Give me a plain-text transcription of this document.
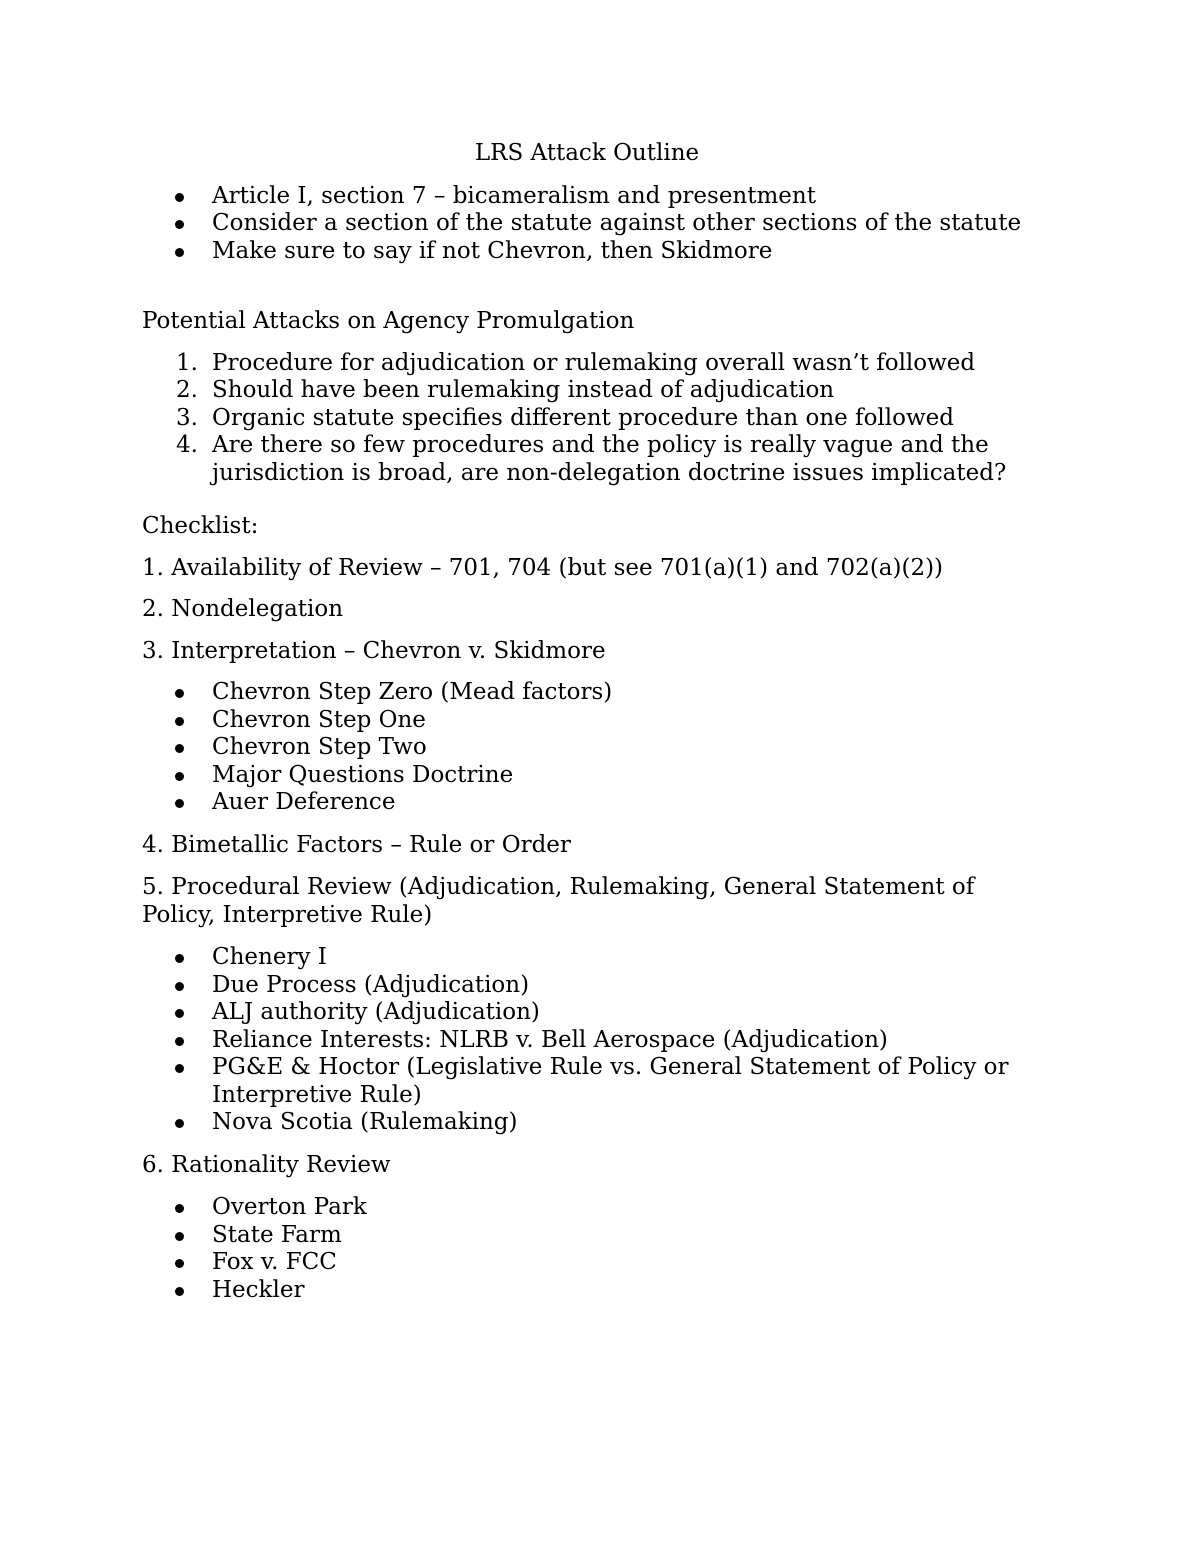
LRS Attack Outline

Article I, section 7 – bicameralism and presentment
Consider a section of the statute against other sections of the statute
Make sure to say if not Chevron, then Skidmore

Potential Attacks on Agency Promulgation

1. Procedure for adjudication or rulemaking overall wasn’t followed
2. Should have been rulemaking instead of adjudication
3. Organic statute specifies different procedure than one followed
4. Are there so few procedures and the policy is really vague and the jurisdiction is broad, are non-delegation doctrine issues implicated?

Checklist:

1. Availability of Review – 701, 704 (but see 701(a)(1) and 702(a)(2))

2. Nondelegation

3. Interpretation – Chevron v. Skidmore

Chevron Step Zero (Mead factors)
Chevron Step One
Chevron Step Two
Major Questions Doctrine
Auer Deference

4. Bimetallic Factors – Rule or Order

5. Procedural Review (Adjudication, Rulemaking, General Statement of Policy, Interpretive Rule)

Chenery I
Due Process (Adjudication)
ALJ authority (Adjudication)
Reliance Interests: NLRB v. Bell Aerospace (Adjudication)
PG&E & Hoctor (Legislative Rule vs. General Statement of Policy or Interpretive Rule)
Nova Scotia (Rulemaking)

6. Rationality Review

Overton Park
State Farm
Fox v. FCC
Heckler
